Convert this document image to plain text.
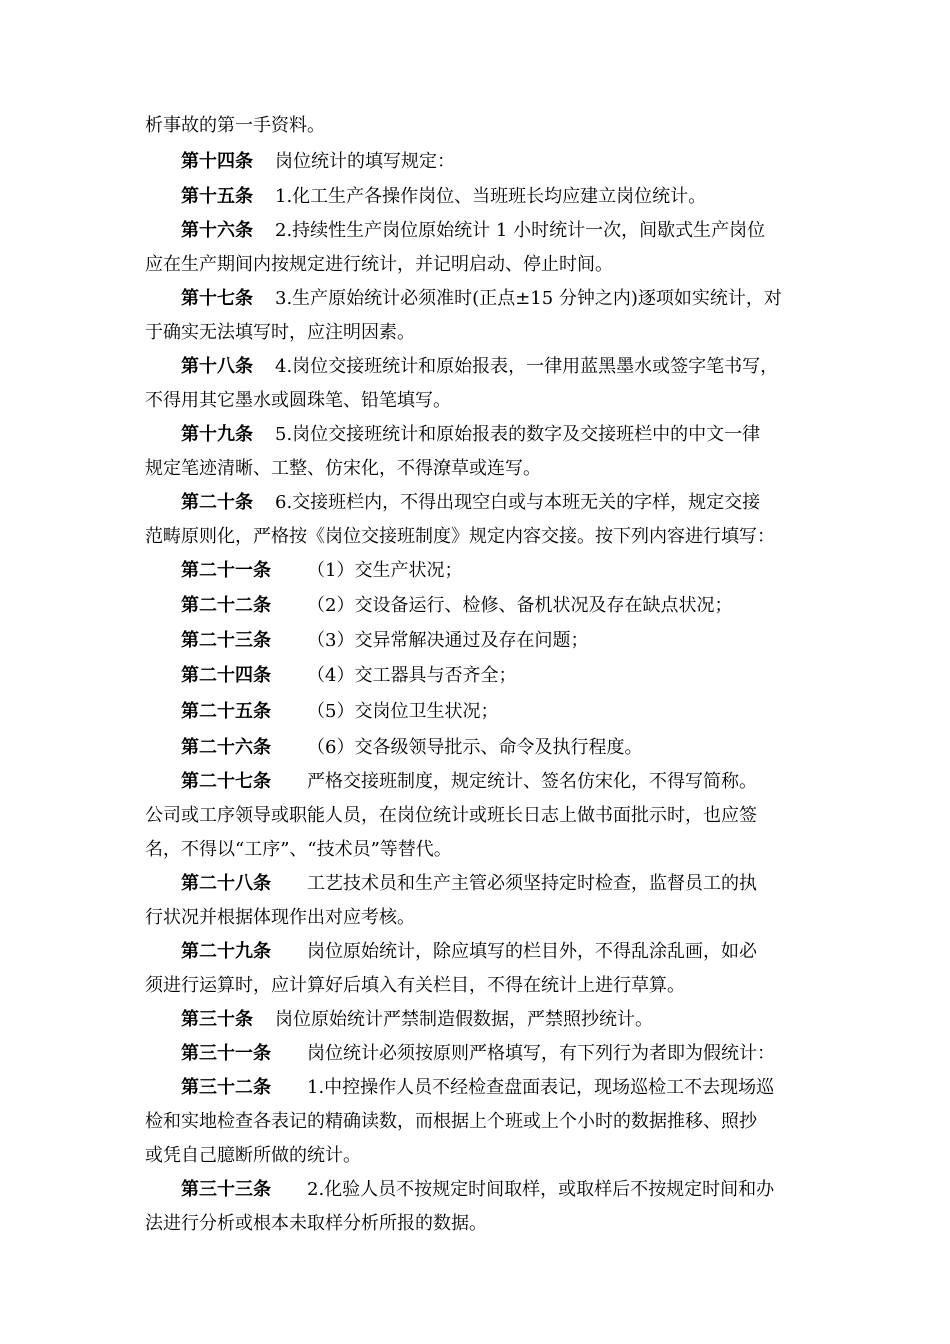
析事故的第一手资料。
第十四条 岗位统计的填写规定：
第十五条 1.化工生产各操作岗位、当班班长均应建立岗位统计。
第十六条 2.持续性生产岗位原始统计 1 小时统计一次，间歇式生产岗位
应在生产期间内按规定进行统计，并记明启动、停止时间。
第十七条 3.生产原始统计必须准时(正点±15 分钟之内)逐项如实统计，对
于确实无法填写时，应注明因素。
第十八条 4.岗位交接班统计和原始报表，一律用蓝黑墨水或签字笔书写，
不得用其它墨水或圆珠笔、铅笔填写。
第十九条 5.岗位交接班统计和原始报表的数字及交接班栏中的中文一律
规定笔迹清晰、工整、仿宋化，不得潦草或连写。
第二十条 6.交接班栏内，不得出现空白或与本班无关的字样，规定交接
范畴原则化，严格按《岗位交接班制度》规定内容交接。按下列内容进行填写：
第二十一条 （1）交生产状况；
第二十二条 （2）交设备运行、检修、备机状况及存在缺点状况；
第二十三条 （3）交异常解决通过及存在问题；
第二十四条 （4）交工器具与否齐全；
第二十五条 （5）交岗位卫生状况；
第二十六条 （6）交各级领导批示、命令及执行程度。
第二十七条 严格交接班制度，规定统计、签名仿宋化，不得写简称。
公司或工序领导或职能人员，在岗位统计或班长日志上做书面批示时，也应签
名，不得以“工序”、“技术员”等替代。
第二十八条 工艺技术员和生产主管必须坚持定时检查，监督员工的执
行状况并根据体现作出对应考核。
第二十九条 岗位原始统计，除应填写的栏目外，不得乱涂乱画，如必
须进行运算时，应计算好后填入有关栏目，不得在统计上进行草算。
第三十条 岗位原始统计严禁制造假数据，严禁照抄统计。
第三十一条 岗位统计必须按原则严格填写，有下列行为者即为假统计：
第三十二条 1.中控操作人员不经检查盘面表记，现场巡检工不去现场巡
检和实地检查各表记的精确读数，而根据上个班或上个小时的数据推移、照抄
或凭自己臆断所做的统计。
第三十三条 2.化验人员不按规定时间取样，或取样后不按规定时间和办
法进行分析或根本未取样分析所报的数据。
